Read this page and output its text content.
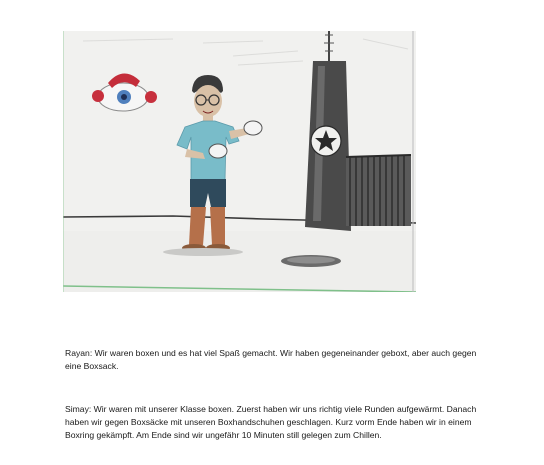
Rayan: Wir waren boxen und es hat viel Spaß gemacht. Wir haben gegeneinander geboxt, aber auch gegen eine Boxsack.

Simay: Wir waren mit unserer Klasse boxen. Zuerst haben wir uns richtig viele Runden aufgewärmt. Danach haben wir gegen Boxsäcke mit unseren Boxhandschuhen geschlagen. Kurz vorm Ende haben wir in einem Boxring gekämpft. Am Ende sind wir ungefähr 10 Minuten still gelegen zum Chillen.
